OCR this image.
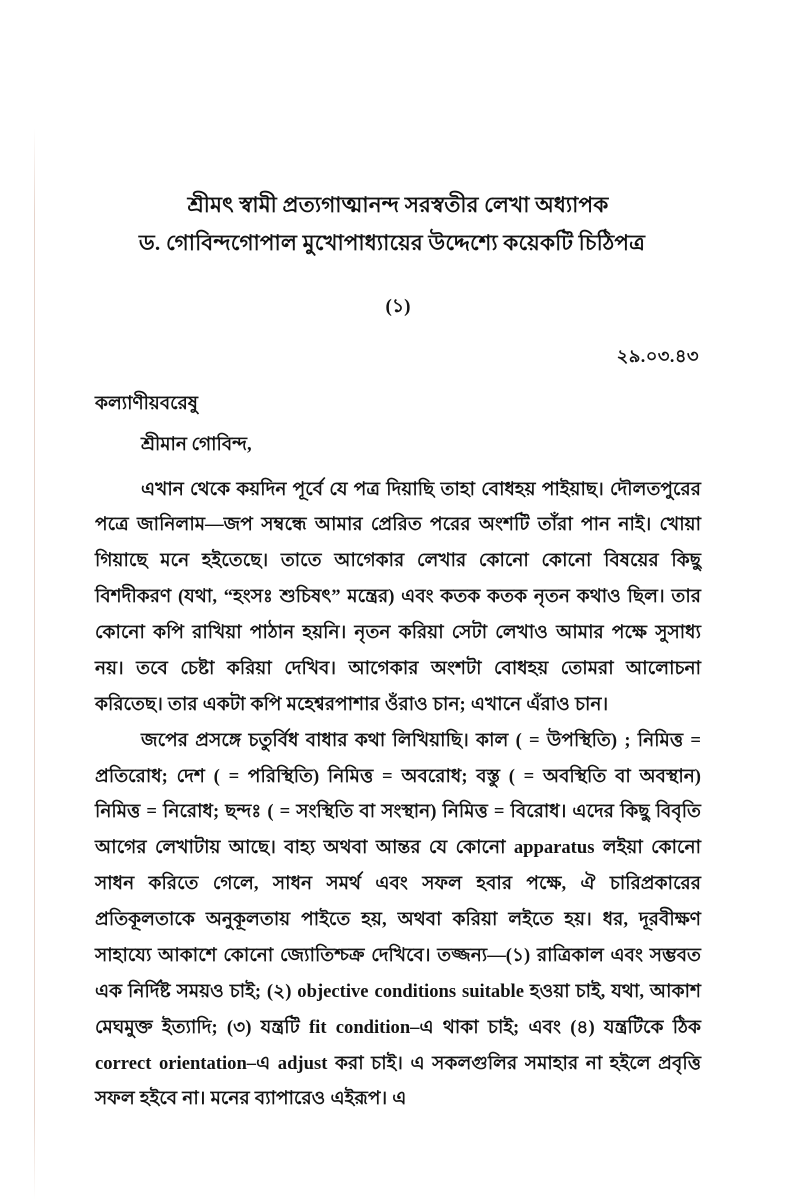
শ্রীমৎ স্বামী প্রত্যগাত্মানন্দ সরস্বতীর লেখা অধ্যাপক
ড. গোবিন্দগোপাল মুখোপাধ্যায়ের উদ্দেশ্যে কয়েকটি চিঠিপত্র
(১)
২৯.০৩.৪৩
কল্যাণীয়বরেষু
শ্রীমান গোবিন্দ,

এখান থেকে কয়দিন পূর্বে যে পত্র দিয়াছি তাহা বোধহয় পাইয়াছ। দৌলতপুরের পত্রে জানিলাম—জপ সম্বন্ধে আমার প্রেরিত পরের অংশটি তাঁরা পান নাই। খোয়া গিয়াছে মনে হইতেছে। তাতে আগেকার লেখার কোনো কোনো বিষয়ের কিছু বিশদীকরণ (যথা, “হংসঃ শুচিষৎ” মন্ত্রের) এবং কতক কতক নৃতন কথাও ছিল। তার কোনো কপি রাখিয়া পাঠান হয়নি। নৃতন করিয়া সেটা লেখাও আমার পক্ষে সুসাধ্য নয়। তবে চেষ্টা করিয়া দেখিব। আগেকার অংশটা বোধহয় তোমরা আলোচনা করিতেছ। তার একটা কপি মহেশ্বরপাশার ওঁরাও চান; এখানে এঁরাও চান।

জপের প্রসঙ্গে চতুর্বিধ বাধার কথা লিখিয়াছি। কাল ( = উপস্থিতি) ; নিমিত্ত = প্রতিরোধ; দেশ ( = পরিস্থিতি) নিমিত্ত = অবরোধ; বস্তু ( = অবস্থিতি বা অবস্থান) নিমিত্ত = নিরোধ; ছন্দঃ ( = সংস্থিতি বা সংস্থান) নিমিত্ত = বিরোধ। এদের কিছু বিবৃতি আগের লেখাটায় আছে। বাহ্য অথবা আন্তর যে কোনো apparatus লইয়া কোনো সাধন করিতে গেলে, সাধন সমর্থ এবং সফল হবার পক্ষে, ঐ চারিপ্রকারের প্রতিকূলতাকে অনুকূলতায় পাইতে হয়, অথবা করিয়া লইতে হয়। ধর, দূরবীক্ষণ সাহায্যে আকাশে কোনো জ্যোতিশ্চক্র দেখিবে। তজ্জন্য—(১) রাত্রিকাল এবং সম্ভবত এক নির্দিষ্ট সময়ও চাই; (২) objective conditions suitable হওয়া চাই, যথা, আকাশ মেঘমুক্ত ইত্যাদি; (৩) যন্ত্রটি fit condition–এ থাকা চাই; এবং (৪) যন্ত্রটিকে ঠিক correct orientation–এ adjust করা চাই। এ সকলগুলির সমাহার না হইলে প্রবৃত্তি সফল হইবে না। মনের ব্যাপারেও এইরূপ। এ
